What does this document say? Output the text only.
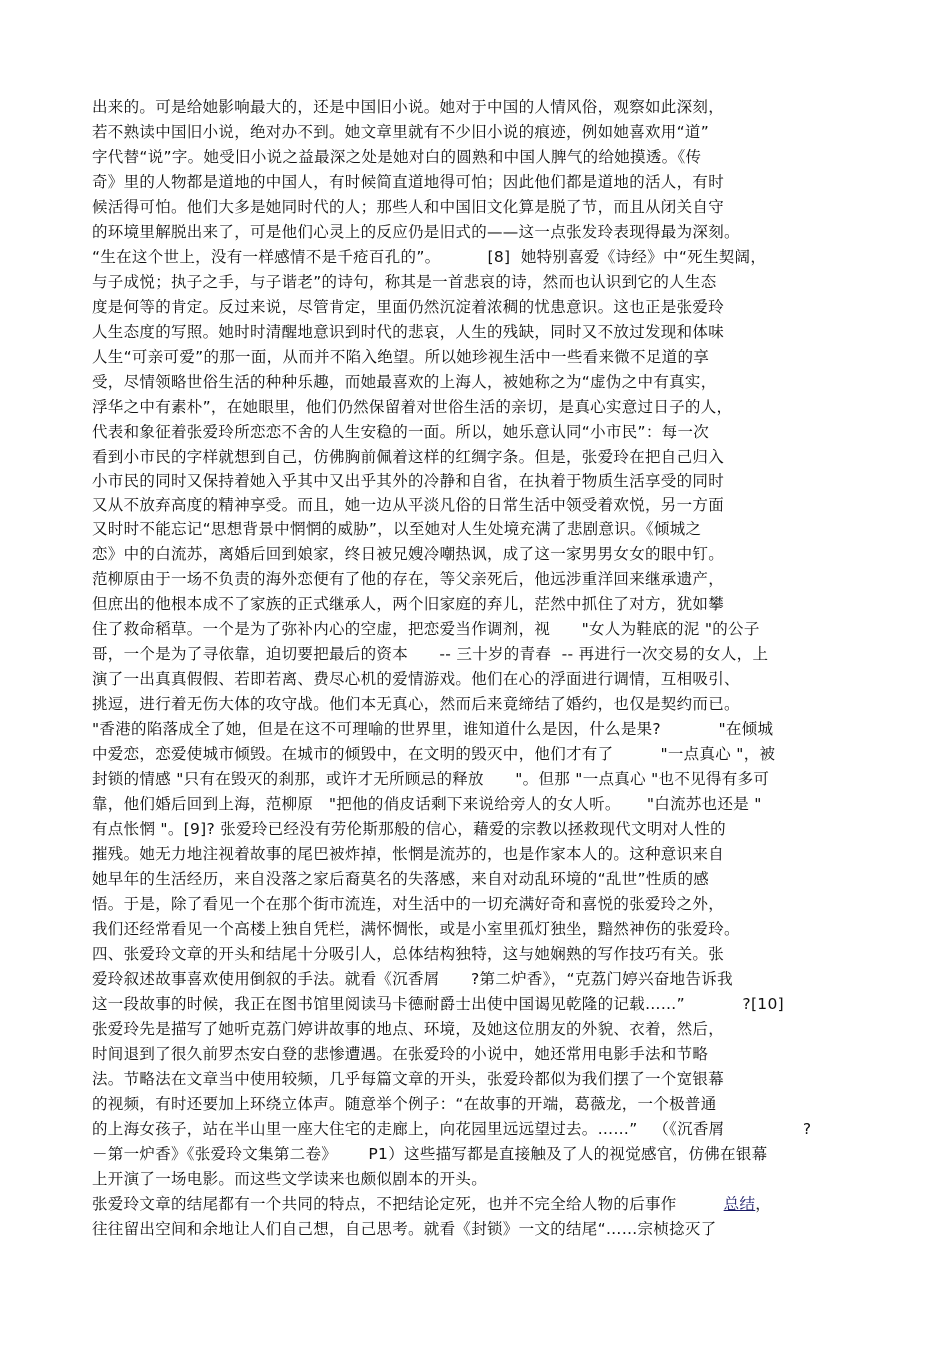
出来的。可是给她影响最大的，还是中国旧小说。她对于中国的人情风俗，观察如此深刻，
若不熟读中国旧小说，绝对办不到。她文章里就有不少旧小说的痕迹，例如她喜欢用“道”
字代替“说”字。她受旧小说之益最深之处是她对白的圆熟和中国人脾气的给她摸透。《传
奇》里的人物都是道地的中国人，有时候简直道地得可怕；因此他们都是道地的活人，有时
候活得可怕。他们大多是她同时代的人；那些人和中国旧文化算是脱了节，而且从闭关自守
的环境里解脱出来了，可是他们心灵上的反应仍是旧式的——这一点张发玲表现得最为深刻。
“生在这个世上，没有一样感情不是千疮百孔的”。         [8]  她特别喜爱《诗经》中“死生契阔，
与子成悦；执子之手，与子谐老”的诗句，称其是一首悲哀的诗，然而也认识到它的人生态
度是何等的肯定。反过来说，尽管肯定，里面仍然沉淀着浓稠的忧患意识。这也正是张爱玲
人生态度的写照。她时时清醒地意识到时代的悲哀，人生的残缺，同时又不放过发现和体味
人生“可亲可爱”的那一面，从而并不陷入绝望。所以她珍视生活中一些看来微不足道的享
受，尽情领略世俗生活的种种乐趣，而她最喜欢的上海人，被她称之为“虚伪之中有真实，
浮华之中有素朴”，在她眼里，他们仍然保留着对世俗生活的亲切，是真心实意过日子的人，
代表和象征着张爱玲所恋恋不舍的人生安稳的一面。所以，她乐意认同“小市民”：每一次
看到小市民的字样就想到自己，仿佛胸前佩着这样的红绸字条。但是，张爱玲在把自己归入
小市民的同时又保持着她入乎其中又出乎其外的冷静和自省，在执着于物质生活享受的同时
又从不放弃高度的精神享受。而且，她一边从平淡凡俗的日常生活中领受着欢悦，另一方面
又时时不能忘记“思想背景中惘惘的威胁”，以至她对人生处境充满了悲剧意识。《倾城之
恋》中的白流苏，离婚后回到娘家，终日被兄嫂冷嘲热讽，成了这一家男男女女的眼中钉。
范柳原由于一场不负责的海外恋便有了他的存在，等父亲死后，他远涉重洋回来继承遗产，
但庶出的他根本成不了家族的正式继承人，两个旧家庭的弃儿，茫然中抓住了对方，犹如攀
住了救命稻草。一个是为了弥补内心的空虚，把恋爱当作调剂，视      "女人为鞋底的泥 "的公子
哥，一个是为了寻依靠，迫切要把最后的资本      -- 三十岁的青春  -- 再进行一次交易的女人，上
演了一出真真假假、若即若离、费尽心机的爱情游戏。他们在心的浮面进行调情，互相吸引、
挑逗，进行着无伤大体的攻守战。他们本无真心，然而后来竟缔结了婚约，也仅是契约而已。
"香港的陷落成全了她，但是在这不可理喻的世界里，谁知道什么是因，什么是果?           "在倾城
中爱恋，恋爱使城市倾毁。在城市的倾毁中，在文明的毁灭中，他们才有了         "一点真心 "，被
封锁的情感 "只有在毁灭的刹那，或许才无所顾忌的释放      "。但那 "一点真心 "也不见得有多可
靠，他们婚后回到上海，范柳原   "把他的俏皮话剩下来说给旁人的女人听。     "白流苏也还是 "
有点怅惘 "。[9]? 张爱玲已经没有劳伦斯那般的信心，藉爱的宗教以拯救现代文明对人性的
摧残。她无力地注视着故事的尾巴被炸掉，怅惘是流苏的，也是作家本人的。这种意识来自
她早年的生活经历，来自没落之家后裔莫名的失落感，来自对动乱环境的“乱世”性质的感
悟。于是，除了看见一个在那个街市流连，对生活中的一切充满好奇和喜悦的张爱玲之外，
我们还经常看见一个高楼上独自凭栏，满怀惆怅，或是小室里孤灯独坐，黯然神伤的张爱玲。
四、张爱玲文章的开头和结尾十分吸引人，总体结构独特，这与她娴熟的写作技巧有关。张
爱玲叙述故事喜欢使用倒叙的手法。就看《沉香屑      ?第二炉香》，“克荔门婷兴奋地告诉我
这一段故事的时候，我正在图书馆里阅读马卡德耐爵士出使中国谒见乾隆的记载……”           ?[10]
张爱玲先是描写了她听克荔门婷讲故事的地点、环境，及她这位朋友的外貌、衣着，然后，
时间退到了很久前罗杰安白登的悲惨遭遇。在张爱玲的小说中，她还常用电影手法和节略
法。节略法在文章当中使用较频，几乎每篇文章的开头，张爱玲都似为我们摆了一个宽银幕
的视频，有时还要加上环绕立体声。随意举个例子：“在故事的开端，葛薇龙，一个极普通
的上海女孩子，站在半山里一座大住宅的走廊上，向花园里远远望过去。……”   （《沉香屑               ?
－第一炉香》《张爱玲文集第二卷》      P1）这些描写都是直接触及了人的视觉感官，仿佛在银幕
上开演了一场电影。而这些文学读来也颇似剧本的开头。
张爱玲文章的结尾都有一个共同的特点，不把结论定死，也并不完全给人物的后事作         总结，
往往留出空间和余地让人们自己想，自己思考。就看《封锁》一文的结尾“……宗桢捻灭了
